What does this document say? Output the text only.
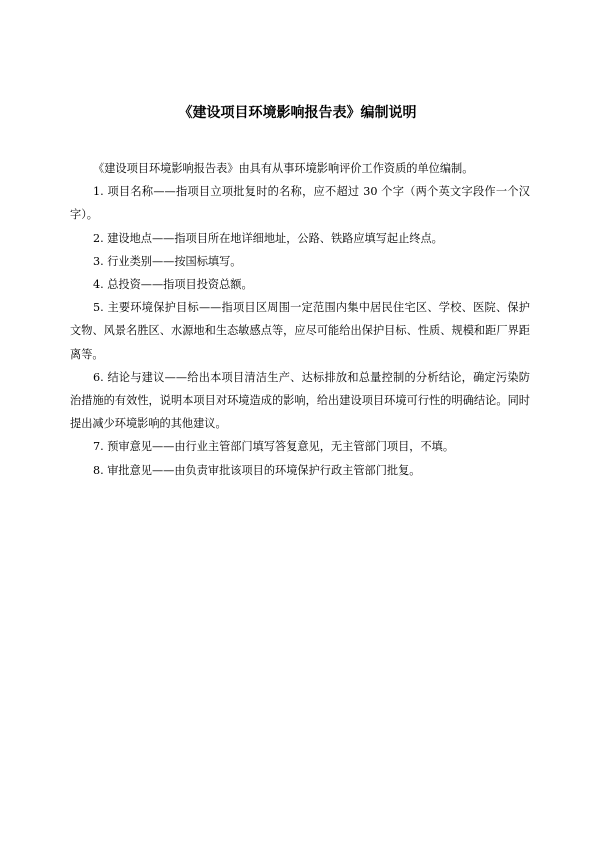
《建设项目环境影响报告表》编制说明

《建设项目环境影响报告表》由具有从事环境影响评价工作资质的单位编制。

1. 项目名称——指项目立项批复时的名称，应不超过 30 个字（两个英文字段作一个汉字）。

2. 建设地点——指项目所在地详细地址，公路、铁路应填写起止终点。

3. 行业类别——按国标填写。

4. 总投资——指项目投资总额。

5. 主要环境保护目标——指项目区周围一定范围内集中居民住宅区、学校、医院、保护文物、风景名胜区、水源地和生态敏感点等，应尽可能给出保护目标、性质、规模和距厂界距离等。

6. 结论与建议——给出本项目清洁生产、达标排放和总量控制的分析结论，确定污染防治措施的有效性，说明本项目对环境造成的影响，给出建设项目环境可行性的明确结论。同时提出减少环境影响的其他建议。

7. 预审意见——由行业主管部门填写答复意见，无主管部门项目，不填。

8. 审批意见——由负责审批该项目的环境保护行政主管部门批复。
